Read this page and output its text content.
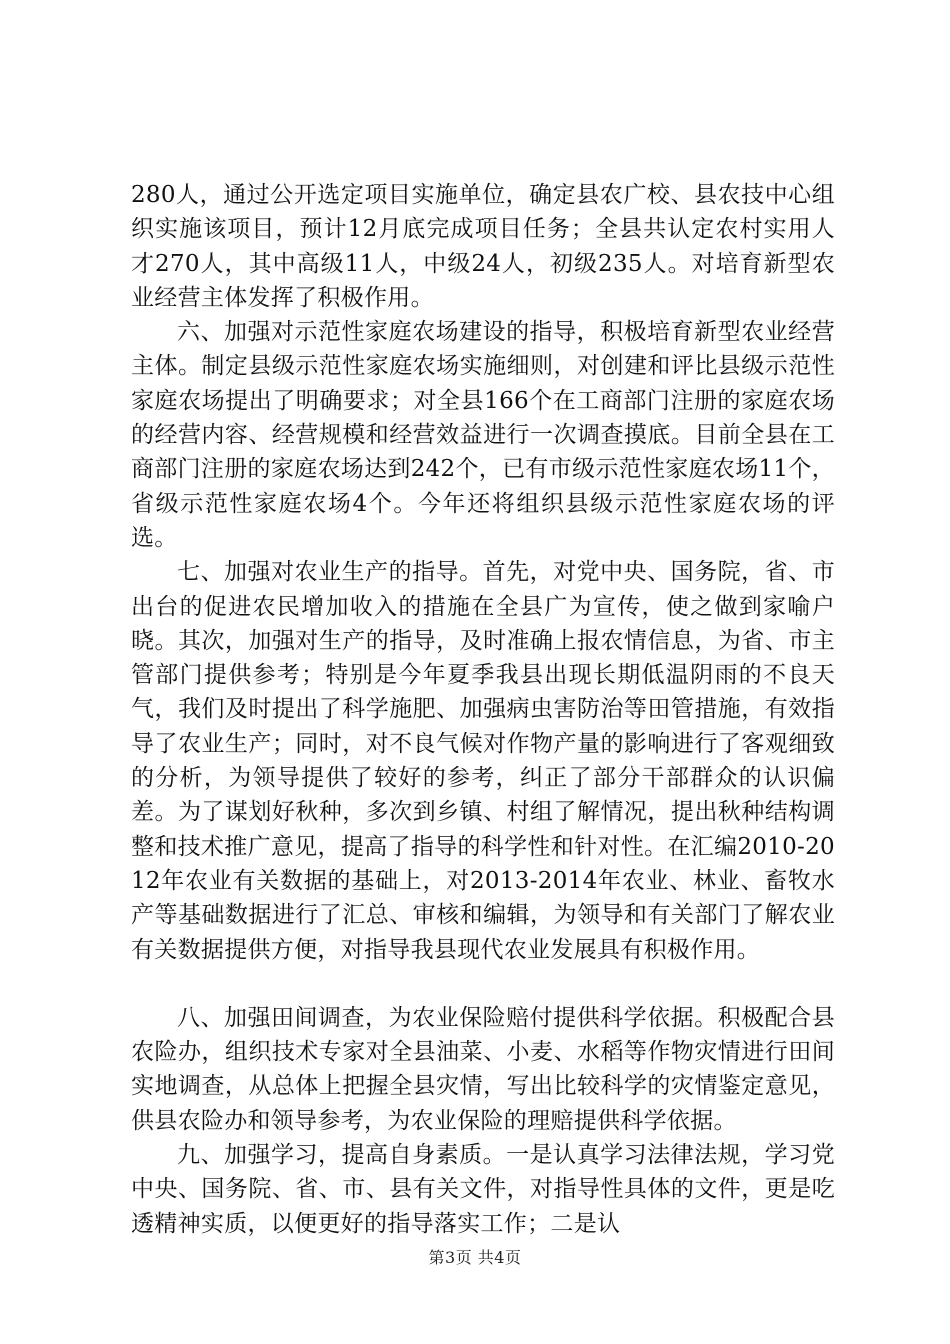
280人，通过公开选定项目实施单位，确定县农广校、县农技中心组织实施该项目，预计12月底完成项目任务；全县共认定农村实用人才270人，其中高级11人，中级24人，初级235人。对培育新型农业经营主体发挥了积极作用。

六、加强对示范性家庭农场建设的指导，积极培育新型农业经营主体。制定县级示范性家庭农场实施细则，对创建和评比县级示范性家庭农场提出了明确要求；对全县166个在工商部门注册的家庭农场的经营内容、经营规模和经营效益进行一次调查摸底。目前全县在工商部门注册的家庭农场达到242个，已有市级示范性家庭农场11个，省级示范性家庭农场4个。今年还将组织县级示范性家庭农场的评选。

七、加强对农业生产的指导。首先，对党中央、国务院，省、市出台的促进农民增加收入的措施在全县广为宣传，使之做到家喻户晓。其次，加强对生产的指导，及时准确上报农情信息，为省、市主管部门提供参考；特别是今年夏季我县出现长期低温阴雨的不良天气，我们及时提出了科学施肥、加强病虫害防治等田管措施，有效指导了农业生产；同时，对不良气候对作物产量的影响进行了客观细致的分析，为领导提供了较好的参考，纠正了部分干部群众的认识偏差。为了谋划好秋种，多次到乡镇、村组了解情况，提出秋种结构调整和技术推广意见，提高了指导的科学性和针对性。在汇编2010-2012年农业有关数据的基础上，对2013-2014年农业、林业、畜牧水产等基础数据进行了汇总、审核和编辑，为领导和有关部门了解农业有关数据提供方便，对指导我县现代农业发展具有积极作用。

八、加强田间调查，为农业保险赔付提供科学依据。积极配合县农险办，组织技术专家对全县油菜、小麦、水稻等作物灾情进行田间实地调查，从总体上把握全县灾情，写出比较科学的灾情鉴定意见，供县农险办和领导参考，为农业保险的理赔提供科学依据。

九、加强学习，提高自身素质。一是认真学习法律法规，学习党中央、国务院、省、市、县有关文件，对指导性具体的文件，更是吃透精神实质，以便更好的指导落实工作；二是认

第3页 共4页
